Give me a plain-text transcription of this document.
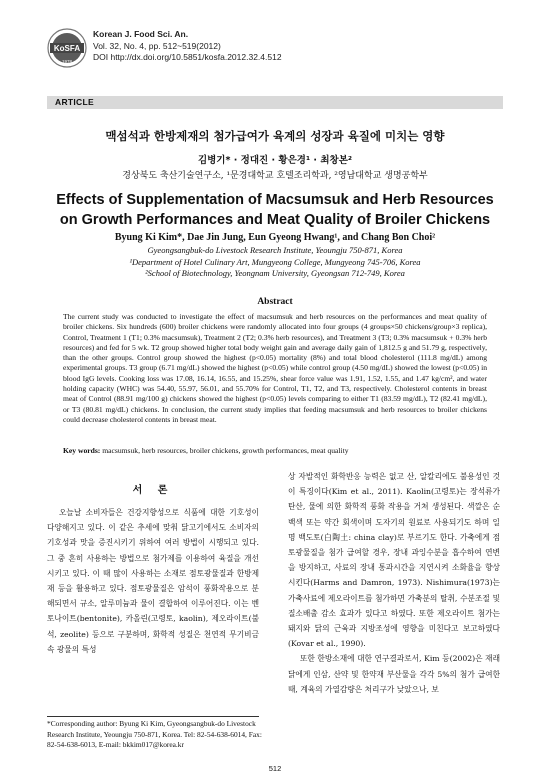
KoSFA
1978
Korean J. Food Sci. An.
Vol. 32, No. 4, pp. 512~519(2012)
DOI http://dx.doi.org/10.5851/kosfa.2012.32.4.512
ARTICLE
맥섬석과 한방제재의 첨가급여가 육계의 성장과 육질에 미치는 영향
김병기* · 정대진 · 황은경¹ · 최창본²
경상북도 축산기술연구소, ¹문경대학교 호텔조리학과, ²영남대학교 생명공학부
Effects of Supplementation of Macsumsuk and Herb Resources on Growth Performances and Meat Quality of Broiler Chickens
Byung Ki Kim*, Dae Jin Jung, Eun Gyeong Hwang¹, and Chang Bon Choi²
Gyeongsangbuk-do Livestock Research Institute, Yeoungju 750-871, Korea
¹Department of Hotel Culinary Art, Mungyeong College, Mungyeong 745-706, Korea
²School of Biotechnology, Yeongnam University, Gyeongsan 712-749, Korea
Abstract
The current study was conducted to investigate the effect of macsumsuk and herb resources on the performances and meat quality of broiler chickens. Six hundreds (600) broiler chickens were randomly allocated into four groups (4 groups×50 chickens/group×3 replica), Control, Treatment 1 (T1; 0.3% macsumsuk), Treatment 2 (T2; 0.3% herb resources), and Treatment 3 (T3; 0.3% macsumsuk + 0.3% herb resources) and fed for 5 wk. T2 group showed higher total body weight gain and average daily gain of 1,812.5 g and 51.79 g, respectively, than the other groups. Control group showed the highest (p<0.05) mortality (8%) and total blood cholesterol (111.8 mg/dL) among experimental groups. T3 group (6.71 mg/dL) showed the highest (p<0.05) while control group (4.50 mg/dL) showed the lowest (p<0.05) in blood IgG levels. Cooking loss was 17.08, 16.14, 16.55, and 15.25%, shear force value was 1.91, 1.52, 1.55, and 1.47 kg/cm², and water holding capacity (WHC) was 54.40, 55.97, 56.01, and 55.70% for Control, T1, T2, and T3, respectively. Cholesterol contents in breast meat of Control (88.91 mg/100 g) chickens showed the highest (p<0.05) levels comparing to either T1 (83.59 mg/dL), T2 (82.41 mg/dL), or T3 (80.81 mg/dL) chickens. In conclusion, the current study implies that feeding macsumsuk and herb resources to broiler chickens could decrease cholesterol contents in breast meat.
Key words: macsumsuk, herb resources, broiler chickens, growth performances, meat quality
서 론

오늘날 소비자들은 건강지향성으로 식품에 대한 기호성이 다양해지고 있다. 이 같은 추세에 맞춰 닭고기에서도 소비자의 기호성과 맛을 증진시키기 위하여 여러 방법이 시행되고 있다. 그 중 흔히 사용하는 방법으로 첨가제를 이용하여 육질을 개선시키고 있다. 이 때 많이 사용하는 소재로 점토광물질과 한방제재 등을 활용하고 있다. 점토광물질은 암석이 풍화작용으로 분해되면서 규소, 알루미늄과 물이 결합하여 이루어진다. 이는 벤토나이트(bentonite), 카올린(고령토, kaolin), 제오라이트(불석, zeolite) 등으로 구분하며, 화학적 성질은 천연적 무기비금속 광물의 특성

상 자발적인 화학반응 능력은 없고 산, 알칼리에도 불용성인 것이 특징이다(Kim et al., 2011). Kaolin(고령토)는 장석류가 탄산, 물에 의한 화학적 풍화 작용을 거쳐 생성된다. 색깔은 순백색 또는 약간 회색이며 도자기의 원료로 사용되기도 하며 일명 백도토(白陶土: china clay)로 부르기도 한다. 가축에게 점토광물질을 첨가 급여할 경우, 장내 과잉수분을 흡수하여 연변을 방지하고, 사료의 장내 통과시간을 지연시켜 소화율을 향상시킨다(Harms and Damron, 1973). Nishimura(1973)는 가축사료에 제오라이트를 첨가하면 가축분의 탈취, 수분조절 및 질소배출 감소 효과가 있다고 하였다. 또한 제오라이트 첨가는 돼지와 닭의 근육과 지방조성에 영향을 미친다고 보고하였다(Kovar et al., 1990).

또한 한방소재에 대한 연구결과로서, Kim 등(2002)은 재래닭에게 인삼, 산약 및 한약재 부산물을 각각 5%의 첨가 급여한 때, 계육의 가열감량은 처리구가 낮았으나, 보

*Corresponding author: Byung Ki Kim, Gyeongsangbuk-do Livestock Research Institute, Yeoungju 750-871, Korea. Tel: 82-54-638-6014, Fax: 82-54-638-6013, E-mail: bkkim017@korea.kr
512
